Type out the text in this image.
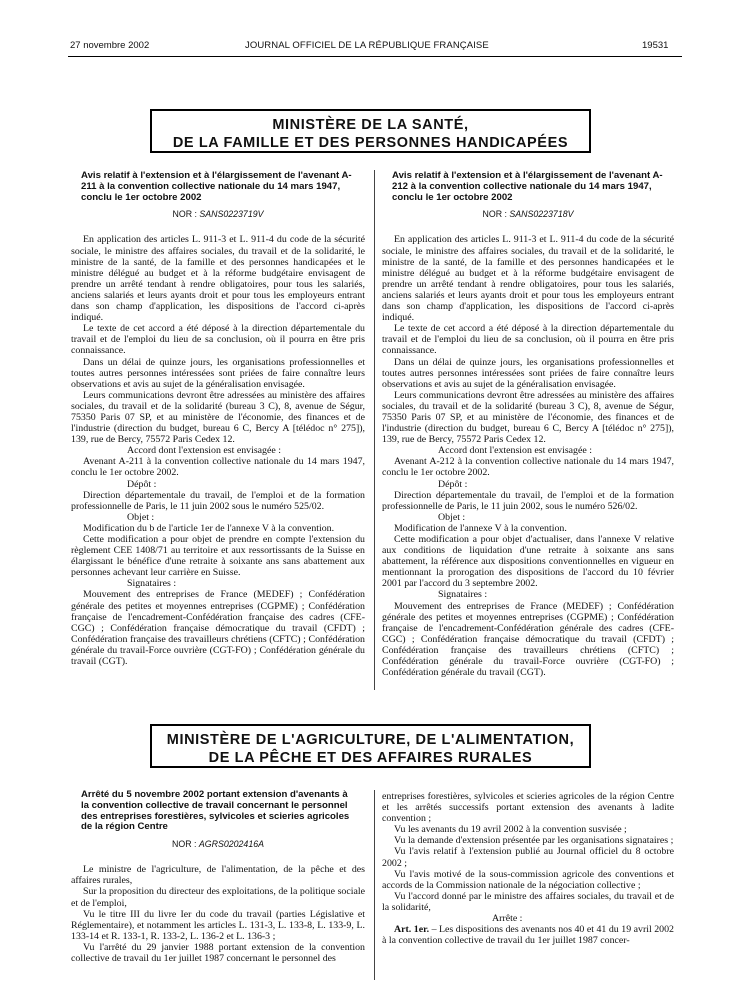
27 novembre 2002	JOURNAL OFFICIEL DE LA RÉPUBLIQUE FRANÇAISE	19531
MINISTÈRE DE LA SANTÉ,
DE LA FAMILLE ET DES PERSONNES HANDICAPÉES
Avis relatif à l'extension et à l'élargissement de l'avenant A-211 à la convention collective nationale du 14 mars 1947, conclu le 1er octobre 2002
NOR : SANS0223719V

En application des articles L. 911-3 et L. 911-4 du code de la sécurité sociale, le ministre des affaires sociales, du travail et de la solidarité, le ministre de la santé, de la famille et des personnes handicapées et le ministre délégué au budget et à la réforme budgétaire envisagent de prendre un arrêté tendant à rendre obligatoires, pour tous les salariés, anciens salariés et leurs ayants droit et pour tous les employeurs entrant dans son champ d'application, les dispositions de l'accord ci-après indiqué.

Le texte de cet accord a été déposé à la direction départementale du travail et de l'emploi du lieu de sa conclusion, où il pourra en être pris connaissance.

Dans un délai de quinze jours, les organisations professionnelles et toutes autres personnes intéressées sont priées de faire connaître leurs observations et avis au sujet de la généralisation envisagée.

Leurs communications devront être adressées au ministère des affaires sociales, du travail et de la solidarité (bureau 3 C), 8, avenue de Ségur, 75350 Paris 07 SP, et au ministère de l'économie, des finances et de l'industrie (direction du budget, bureau 6 C, Bercy A [télédoc n° 275]), 139, rue de Bercy, 75572 Paris Cedex 12.

Accord dont l'extension est envisagée :

Avenant A-211 à la convention collective nationale du 14 mars 1947, conclu le 1er octobre 2002.

Dépôt :

Direction départementale du travail, de l'emploi et de la formation professionnelle de Paris, le 11 juin 2002 sous le numéro 525/02.

Objet :

Modification du b de l'article 1er de l'annexe V à la convention.

Cette modification a pour objet de prendre en compte l'extension du règlement CEE 1408/71 au territoire et aux ressortissants de la Suisse en élargissant le bénéfice d'une retraite à soixante ans sans abattement aux personnes achevant leur carrière en Suisse.

Signataires :

Mouvement des entreprises de France (MEDEF) ; Confédération générale des petites et moyennes entreprises (CGPME) ; Confédération française de l'encadrement-Confédération française des cadres (CFE-CGC) ; Confédération française démocratique du travail (CFDT) ; Confédération française des travailleurs chrétiens (CFTC) ; Confédération générale du travail-Force ouvrière (CGT-FO) ; Confédération générale du travail (CGT).

Avis relatif à l'extension et à l'élargissement de l'avenant A-212 à la convention collective nationale du 14 mars 1947, conclu le 1er octobre 2002
NOR : SANS0223718V

En application des articles L. 911-3 et L. 911-4 du code de la sécurité sociale, le ministre des affaires sociales, du travail et de la solidarité, le ministre de la santé, de la famille et des personnes handicapées et le ministre délégué au budget et à la réforme budgétaire envisagent de prendre un arrêté tendant à rendre obligatoires, pour tous les salariés, anciens salariés et leurs ayants droit et pour tous les employeurs entrant dans son champ d'application, les dispositions de l'accord ci-après indiqué.

Le texte de cet accord a été déposé à la direction départementale du travail et de l'emploi du lieu de sa conclusion, où il pourra en être pris connaissance.

Dans un délai de quinze jours, les organisations professionnelles et toutes autres personnes intéressées sont priées de faire connaître leurs observations et avis au sujet de la généralisation envisagée.

Leurs communications devront être adressées au ministère des affaires sociales, du travail et de la solidarité (bureau 3 C), 8, avenue de Ségur, 75350 Paris 07 SP, et au ministère de l'économie, des finances et de l'industrie (direction du budget, bureau 6 C, Bercy A [télédoc n° 275]), 139, rue de Bercy, 75572 Paris Cedex 12.

Accord dont l'extension est envisagée :

Avenant A-212 à la convention collective nationale du 14 mars 1947, conclu le 1er octobre 2002.

Dépôt :

Direction départementale du travail, de l'emploi et de la formation professionnelle de Paris, le 11 juin 2002, sous le numéro 526/02.

Objet :

Modification de l'annexe V à la convention.

Cette modification a pour objet d'actualiser, dans l'annexe V relative aux conditions de liquidation d'une retraite à soixante ans sans abattement, la référence aux dispositions conventionnelles en vigueur en mentionnant la prorogation des dispositions de l'accord du 10 février 2001 par l'accord du 3 septembre 2002.

Signataires :

Mouvement des entreprises de France (MEDEF) ; Confédération générale des petites et moyennes entreprises (CGPME) ; Confédération française de l'encadrement-Confédération générale des cadres (CFE-CGC) ; Confédération française démocratique du travail (CFDT) ; Confédération française des travailleurs chrétiens (CFTC) ; Confédération générale du travail-Force ouvrière (CGT-FO) ; Confédération générale du travail (CGT).

MINISTÈRE DE L'AGRICULTURE, DE L'ALIMENTATION,
DE LA PÊCHE ET DES AFFAIRES RURALES
Arrêté du 5 novembre 2002 portant extension d'avenants à la convention collective de travail concernant le personnel des entreprises forestières, sylvicoles et scieries agricoles de la région Centre
NOR : AGRS0202416A

Le ministre de l'agriculture, de l'alimentation, de la pêche et des affaires rurales,

Sur la proposition du directeur des exploitations, de la politique sociale et de l'emploi,

Vu le titre III du livre Ier du code du travail (parties Législative et Réglementaire), et notamment les articles L. 131-3, L. 133-8, L. 133-9, L. 133-14 et R. 133-1, R. 133-2, L. 136-2 et L. 136-3 ;

Vu l'arrêté du 29 janvier 1988 portant extension de la convention collective de travail du 1er juillet 1987 concernant le personnel des

entreprises forestières, sylvicoles et scieries agricoles de la région Centre et les arrêtés successifs portant extension des avenants à ladite convention ;

Vu les avenants du 19 avril 2002 à la convention susvisée ;

Vu la demande d'extension présentée par les organisations signataires ;

Vu l'avis relatif à l'extension publié au Journal officiel du 8 octobre 2002 ;

Vu l'avis motivé de la sous-commission agricole des conventions et accords de la Commission nationale de la négociation collective ;

Vu l'accord donné par le ministre des affaires sociales, du travail et de la solidarité,

Arrête :

Art. 1er. – Les dispositions des avenants nos 40 et 41 du 19 avril 2002 à la convention collective de travail du 1er juillet 1987 concer-
